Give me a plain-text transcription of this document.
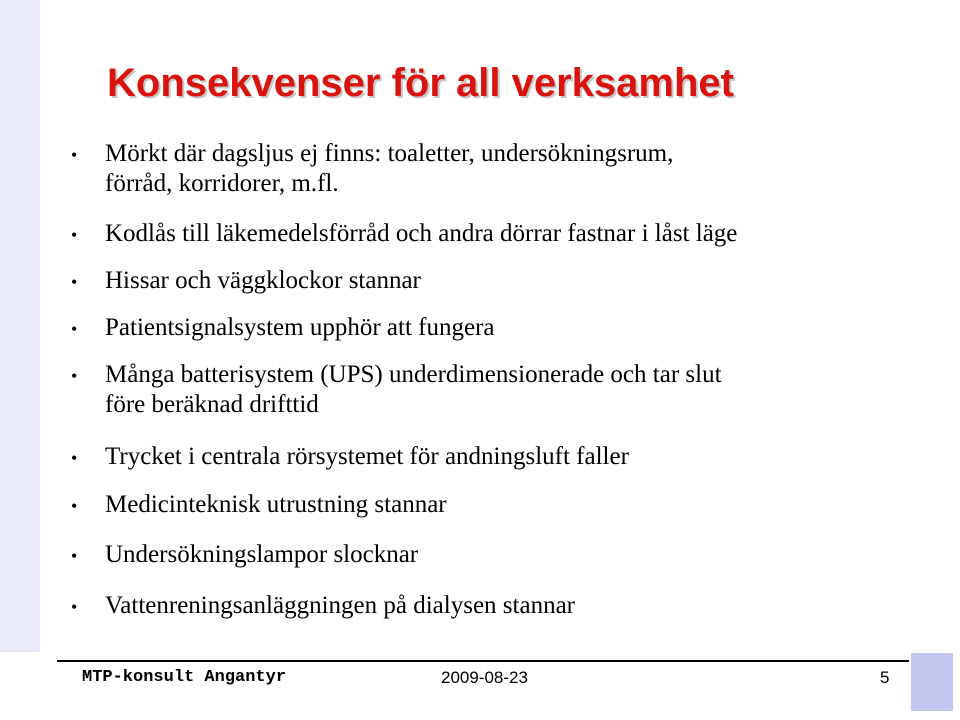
Konsekvenser för all verksamhet
• Mörkt där dagsljus ej finns: toaletter, undersökningsrum,
förråd, korridorer, m.fl.
• Kodlås till läkemedelsförråd och andra dörrar fastnar i låst läge
• Hissar och väggklockor stannar
• Patientsignalsystem upphör att fungera
• Många batterisystem (UPS) underdimensionerade och tar slut
före beräknad drifttid
• Trycket i centrala rörsystemet för andningsluft faller
• Medicinteknisk utrustning stannar
• Undersökningslampor slocknar
• Vattenreningsanläggningen på dialysen stannar
MTP-konsult Angantyr	2009-08-23	5
